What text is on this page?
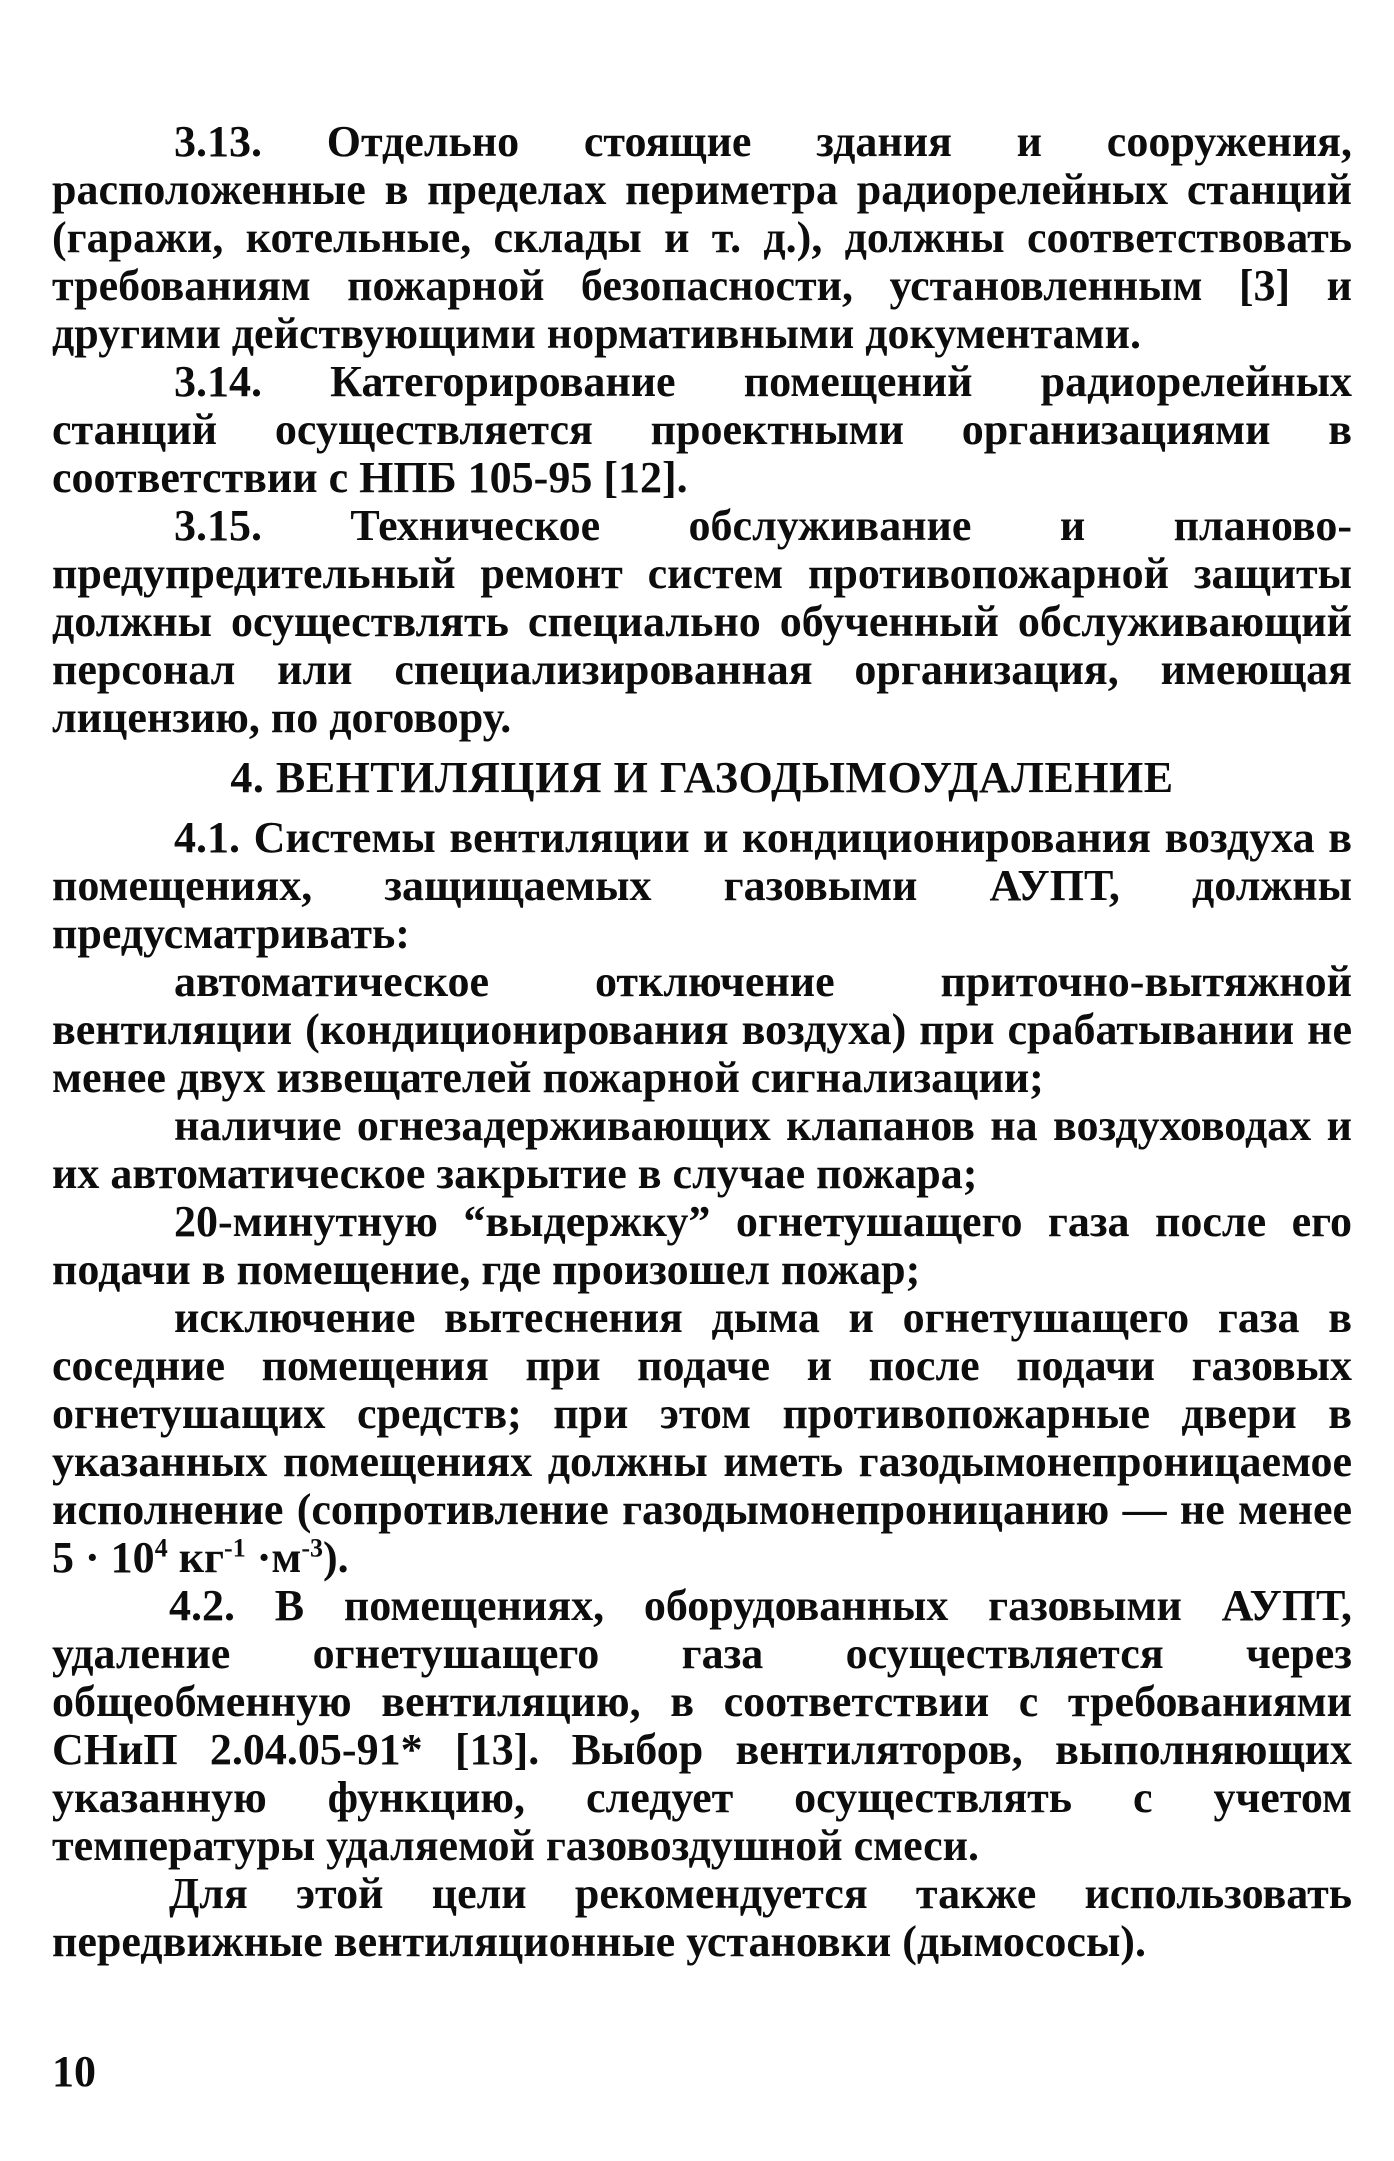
3.13. Отдельно стоящие здания и сооружения, расположенные в пределах периметра радиорелейных станций (гаражи, котельные, склады и т. д.), должны соответствовать требованиям пожарной безопасности, установленным [3] и другими действующими нормативными документами.

3.14. Категорирование помещений радиорелейных станций осуществляется проектными организациями в соответствии с НПБ 105-95 [12].

3.15. Техническое обслуживание и планово-предупредительный ремонт систем противопожарной защиты должны осуществлять специально обученный обслуживающий персонал или специализированная организация, имеющая лицензию, по договору.

4. ВЕНТИЛЯЦИЯ И ГАЗОДЫМОУДАЛЕНИЕ

4.1. Системы вентиляции и кондиционирования воздуха в помещениях, защищаемых газовыми АУПТ, должны предусматривать:

автоматическое отключение приточно-вытяжной вентиляции (кондиционирования воздуха) при срабатывании не менее двух извещателей пожарной сигнализации;

наличие огнезадерживающих клапанов на воздуховодах и их автоматическое закрытие в случае пожара;

20-минутную “выдержку” огнетушащего газа после его подачи в помещение, где произошел пожар;

исключение вытеснения дыма и огнетушащего газа в соседние помещения при подаче и после подачи газовых огнетушащих средств; при этом противопожарные двери в указанных помещениях должны иметь газодымонепроницаемое исполнение (сопротивление газодымонепроницанию — не менее $5 \cdot 10^4$ $кг^{-1} \cdot м^{-3}$).

4.2. В помещениях, оборудованных газовыми АУПТ, удаление огнетушащего газа осуществляется через общеобменную вентиляцию, в соответствии с требованиями СНиП 2.04.05-91* [13]. Выбор вентиляторов, выполняющих указанную функцию, следует осуществлять с учетом температуры удаляемой газовоздушной смеси.

Для этой цели рекомендуется также использовать передвижные вентиляционные установки (дымососы).

10
